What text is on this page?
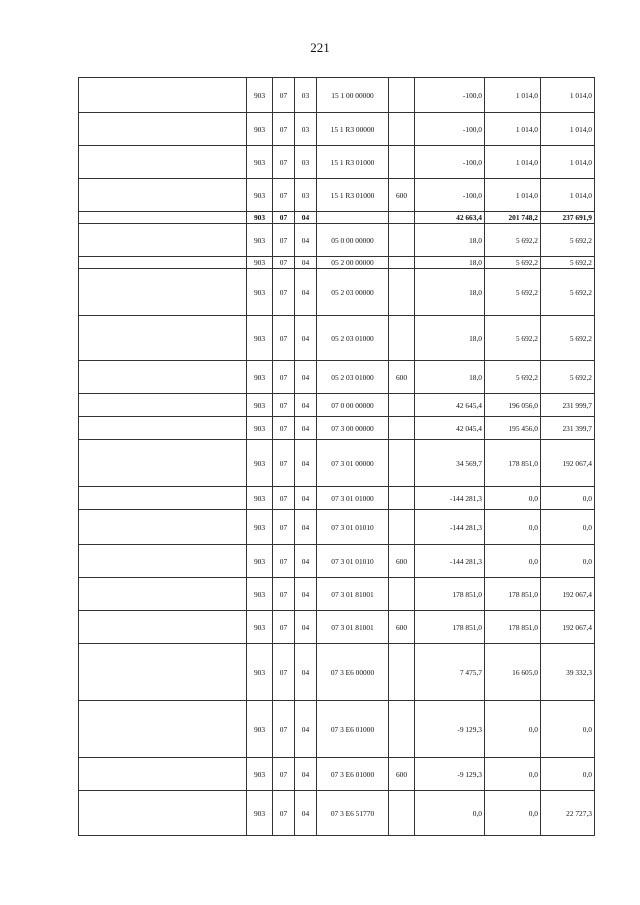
221
	903	07	03	15 1 00 00000		-100,0	1 014,0	1 014,0
	903	07	03	15 1 R3 00000		-100,0	1 014,0	1 014,0
	903	07	03	15 1 R3 01000		-100,0	1 014,0	1 014,0
	903	07	03	15 1 R3 01000	600	-100,0	1 014,0	1 014,0
	903	07	04			42 663,4	201 748,2	237 691,9
	903	07	04	05 0 00 00000		18,0	5 692,2	5 692,2
	903	07	04	05 2 00 00000		18,0	5 692,2	5 692,2
	903	07	04	05 2 03 00000		18,0	5 692,2	5 692,2
	903	07	04	05 2 03 01000		18,0	5 692,2	5 692,2
	903	07	04	05 2 03 01000	600	18,0	5 692,2	5 692,2
	903	07	04	07 0 00 00000		42 645,4	196 056,0	231 999,7
	903	07	04	07 3 00 00000		42 045,4	195 456,0	231 399,7
	903	07	04	07 3 01 00000		34 569,7	178 851,0	192 067,4
	903	07	04	07 3 01 01000		-144 281,3	0,0	0,0
	903	07	04	07 3 01 01010		-144 281,3	0,0	0,0
	903	07	04	07 3 01 01010	600	-144 281,3	0,0	0,0
	903	07	04	07 3 01 81001		178 851,0	178 851,0	192 067,4
	903	07	04	07 3 01 81001	600	178 851,0	178 851,0	192 067,4
	903	07	04	07 3 E6 00000		7 475,7	16 605,0	39 332,3
	903	07	04	07 3 E6 01000		-9 129,3	0,0	0,0
	903	07	04	07 3 E6 01000	600	-9 129,3	0,0	0,0
	903	07	04	07 3 E6 51770		0,0	0,0	22 727,3
